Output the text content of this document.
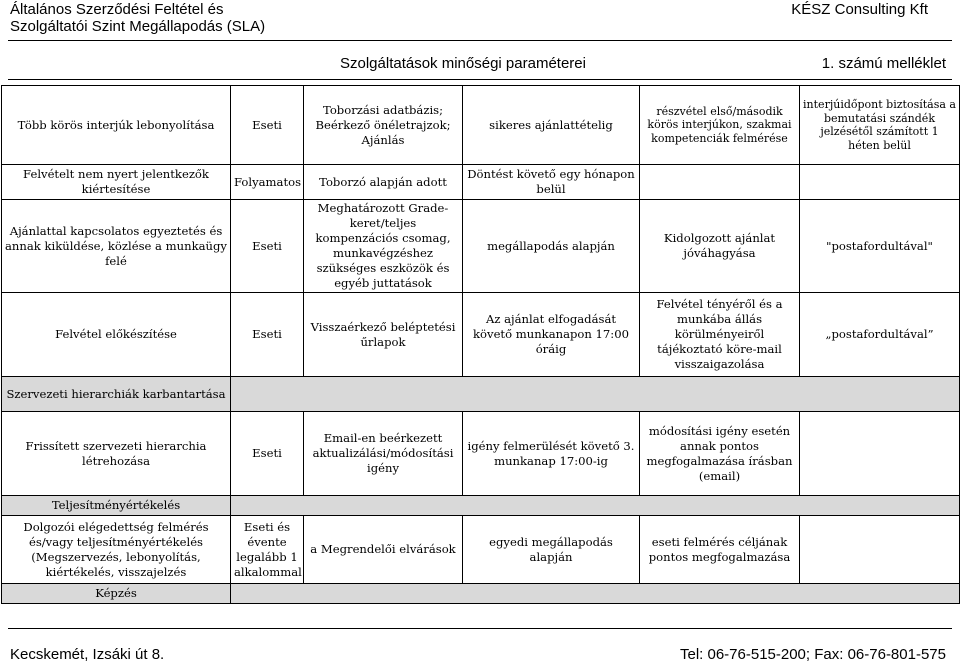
Általános Szerződési Feltétel és
Szolgáltatói Szint Megállapodás (SLA)
KÉSZ Consulting Kft
Szolgáltatások minőségi paraméterei	1. számú melléklet
Több körös interjúk lebonyolítása	Eseti	Toborzási adatbázis; Beérkező önéletrajzok; Ajánlás	sikeres ajánlattételig	részvétel első/második körös interjúkon, szakmai kompetenciák felmérése	interjúidőpont biztosítása a bemutatási szándék jelzésétől számított 1 héten belül
Felvételt nem nyert jelentkezők kiértesítése	Folyamatos	Toborzó alapján adott	Döntést követő egy hónapon belül		
Ajánlattal kapcsolatos egyeztetés és annak kiküldése, közlése a munkaügy felé	Eseti	Meghatározott Grade-keret/teljes kompenzációs csomag, munkavégzéshez szükséges eszközök és egyéb juttatások	megállapodás alapján	Kidolgozott ajánlat jóváhagyása	"postafordultával"
Felvétel előkészítése	Eseti	Visszaérkező beléptetési űrlapok	Az ajánlat elfogadását követő munkanapon 17:00 óráig	Felvétel tényéről és a munkába állás körülményeiről tájékoztató köre-mail visszaigazolása	„postafordultával”
Szervezeti hierarchiák karbantartása					
Frissített szervezeti hierarchia létrehozása	Eseti	Email-en beérkezett aktualizálási/módosítási igény	igény felmerülését követő 3. munkanap 17:00-ig	módosítási igény esetén annak pontos megfogalmazása írásban (email)	
Teljesítményértékelés					
Dolgozói elégedettség felmérés és/vagy teljesítményértékelés (Megszervezés, lebonyolítás, kiértékelés, visszajelzés	Eseti és évente legalább 1 alkalommal	a Megrendelői elvárások	egyedi megállapodás alapján	eseti felmérés céljának pontos megfogalmazása	
Képzés					
Kecskemét, Izsáki út 8.	Tel: 06-76-515-200; Fax: 06-76-801-575
